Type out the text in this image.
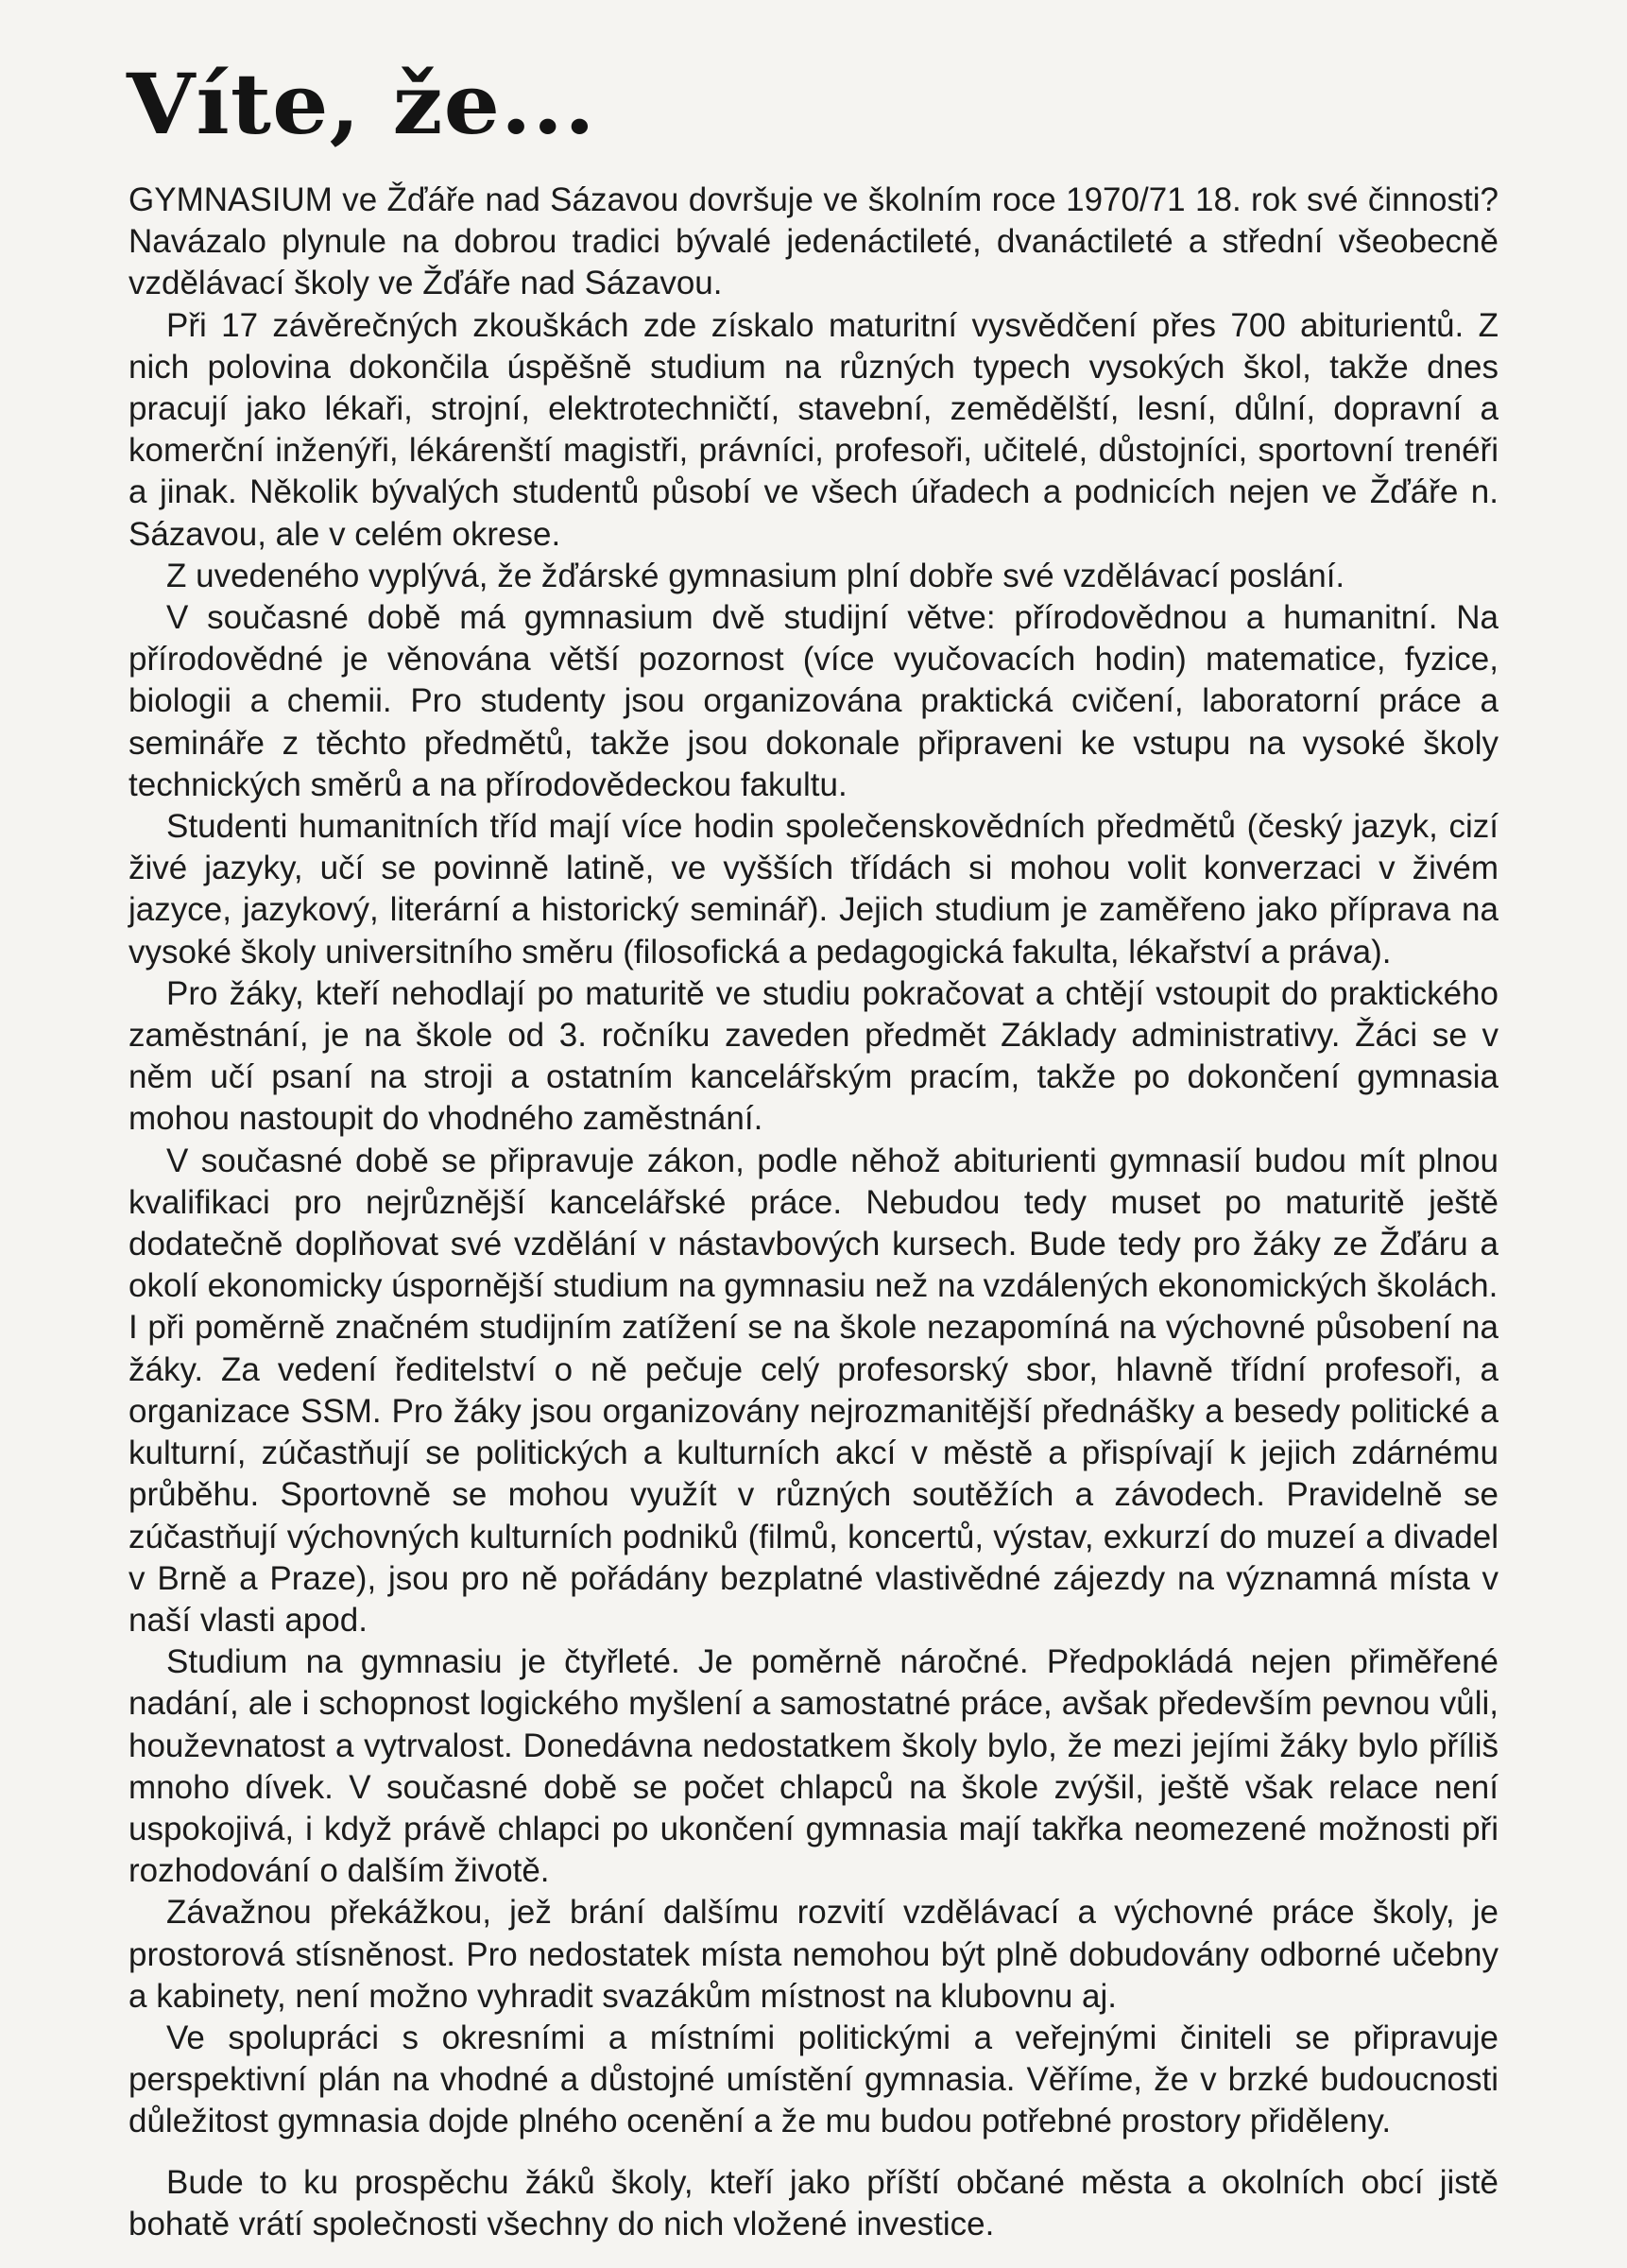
Víte, že...

GYMNASIUM ve Žďáře nad Sázavou dovršuje ve školním roce 1970/71 18. rok své činnosti? Navázalo plynule na dobrou tradici bývalé jedenáctileté, dvanáctileté a střední všeobecně vzdělávací školy ve Žďáře nad Sázavou.

Při 17 závěrečných zkouškách zde získalo maturitní vysvědčení přes 700 abiturientů. Z nich polovina dokončila úspěšně studium na různých typech vysokých škol, takže dnes pracují jako lékaři, strojní, elektrotechničtí, stavební, zemědělští, lesní, důlní, dopravní a komerční inženýři, lékárenští magistři, právníci, profesoři, učitelé, důstojníci, sportovní trenéři a jinak. Několik bývalých studentů působí ve všech úřadech a podnicích nejen ve Žďáře n. Sázavou, ale v celém okrese.

Z uvedeného vyplývá, že žďárské gymnasium plní dobře své vzdělávací poslání.

V současné době má gymnasium dvě studijní větve: přírodovědnou a humanitní. Na přírodovědné je věnována větší pozornost (více vyučovacích hodin) matematice, fyzice, biologii a chemii. Pro studenty jsou organizována praktická cvičení, laboratorní práce a semináře z těchto předmětů, takže jsou dokonale připraveni ke vstupu na vysoké školy technických směrů a na přírodovědeckou fakultu.

Studenti humanitních tříd mají více hodin společenskovědních předmětů (český jazyk, cizí živé jazyky, učí se povinně latině, ve vyšších třídách si mohou volit konverzaci v živém jazyce, jazykový, literární a historický seminář). Jejich studium je zaměřeno jako příprava na vysoké školy universitního směru (filosofická a pedagogická fakulta, lékařství a práva).

Pro žáky, kteří nehodlají po maturitě ve studiu pokračovat a chtějí vstoupit do praktického zaměstnání, je na škole od 3. ročníku zaveden předmět Základy administrativy. Žáci se v něm učí psaní na stroji a ostatním kancelářským pracím, takže po dokončení gymnasia mohou nastoupit do vhodného zaměstnání.

V současné době se připravuje zákon, podle něhož abiturienti gymnasií budou mít plnou kvalifikaci pro nejrůznější kancelářské práce. Nebudou tedy muset po maturitě ještě dodatečně doplňovat své vzdělání v nástavbových kursech. Bude tedy pro žáky ze Žďáru a okolí ekonomicky úspornější studium na gymnasiu než na vzdálených ekonomických školách.

I při poměrně značném studijním zatížení se na škole nezapomíná na výchovné působení na žáky. Za vedení ředitelství o ně pečuje celý profesorský sbor, hlavně třídní profesoři, a organizace SSM. Pro žáky jsou organizovány nejrozmanitější přednášky a besedy politické a kulturní, zúčastňují se politických a kulturních akcí v městě a přispívají k jejich zdárnému průběhu. Sportovně se mohou využít v různých soutěžích a závodech. Pravidelně se zúčastňují výchovných kulturních podniků (filmů, koncertů, výstav, exkurzí do muzeí a divadel v Brně a Praze), jsou pro ně pořádány bezplatné vlastivědné zájezdy na významná místa v naší vlasti apod.

Studium na gymnasiu je čtyřleté. Je poměrně náročné. Předpokládá nejen přiměřené nadání, ale i schopnost logického myšlení a samostatné práce, avšak především pevnou vůli, houževnatost a vytrvalost. Donedávna nedostatkem školy bylo, že mezi jejími žáky bylo příliš mnoho dívek. V současné době se počet chlapců na škole zvýšil, ještě však relace není uspokojivá, i když právě chlapci po ukončení gymnasia mají takřka neomezené možnosti při rozhodování o dalším životě.

Závažnou překážkou, jež brání dalšímu rozvití vzdělávací a výchovné práce školy, je prostorová stísněnost. Pro nedostatek místa nemohou být plně dobudovány odborné učebny a kabinety, není možno vyhradit svazákům místnost na klubovnu aj.

Ve spolupráci s okresními a místními politickými a veřejnými činiteli se připravuje perspektivní plán na vhodné a důstojné umístění gymnasia. Věříme, že v brzké budoucnosti důležitost gymnasia dojde plného ocenění a že mu budou potřebné prostory přiděleny.

Bude to ku prospěchu žáků školy, kteří jako příští občané města a okolních obcí jistě bohatě vrátí společnosti všechny do nich vložené investice.
